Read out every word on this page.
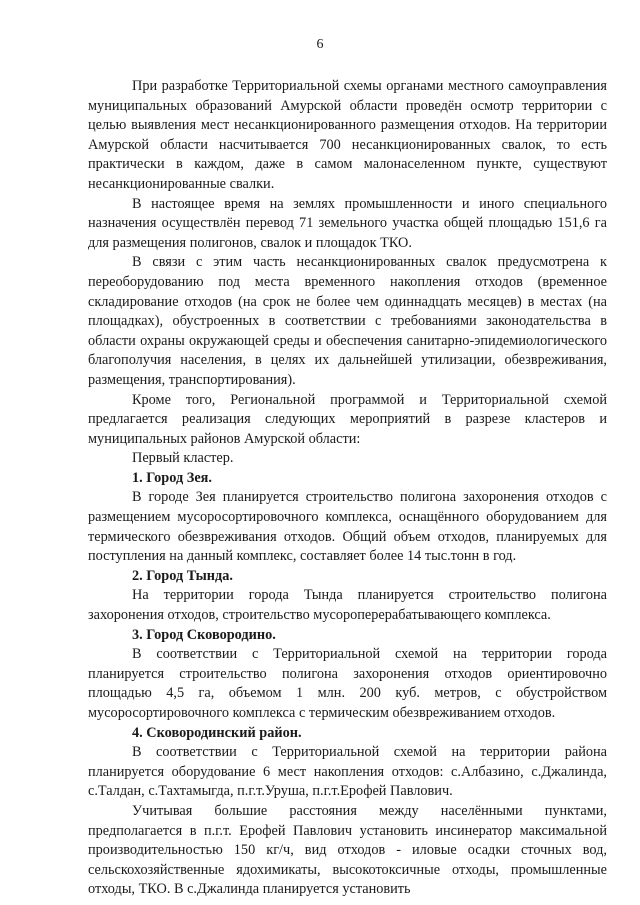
6

При разработке Территориальной схемы органами местного самоуправления муниципальных образований Амурской области проведён осмотр территории с целью выявления мест несанкционированного размещения отходов. На территории Амурской области насчитывается 700 несанкционированных свалок, то есть практически в каждом, даже в самом малонаселенном пункте, существуют несанкционированные свалки.

В настоящее время на землях промышленности и иного специального назначения осуществлён перевод 71 земельного участка общей площадью 151,6 га для размещения полигонов, свалок и площадок ТКО.

В связи с этим часть несанкционированных свалок предусмотрена к переоборудованию под места временного накопления отходов (временное складирование отходов (на срок не более чем одиннадцать месяцев) в местах (на площадках), обустроенных в соответствии с требованиями законодательства в области охраны окружающей среды и обеспечения санитарно-эпидемиологического благополучия населения, в целях их дальнейшей утилизации, обезвреживания, размещения, транспортирования).

Кроме того, Региональной программой и Территориальной схемой предлагается реализация следующих мероприятий в разрезе кластеров и муниципальных районов Амурской области:

Первый кластер.

1. Город Зея.

В городе Зея планируется строительство полигона захоронения отходов с размещением мусоросортировочного комплекса, оснащённого оборудованием для термического обезвреживания отходов. Общий объем отходов, планируемых для поступления на данный комплекс, составляет более 14 тыс.тонн в год.

2. Город Тында.

На территории города Тында планируется строительство полигона захоронения отходов, строительство мусороперерабатывающего комплекса.

3. Город Сковородино.

В соответствии с Территориальной схемой на территории города планируется строительство полигона захоронения отходов ориентировочно площадью 4,5 га, объемом 1 млн. 200 куб. метров, с обустройством мусоросортировочного комплекса с термическим обезвреживанием отходов.

4. Сковородинский район.

В соответствии с Территориальной схемой на территории района планируется оборудование 6 мест накопления отходов: с.Албазино, с.Джалинда, с.Талдан, с.Тахтамыгда, п.г.т.Уруша, п.г.т.Ерофей Павлович.

Учитывая большие расстояния между населёнными пунктами, предполагается в п.г.т. Ерофей Павлович установить инсинератор максимальной производительностью 150 кг/ч, вид отходов - иловые осадки сточных вод, сельскохозяйственные ядохимикаты, высокотоксичные отходы, промышленные отходы, ТКО. В с.Джалинда планируется установить
